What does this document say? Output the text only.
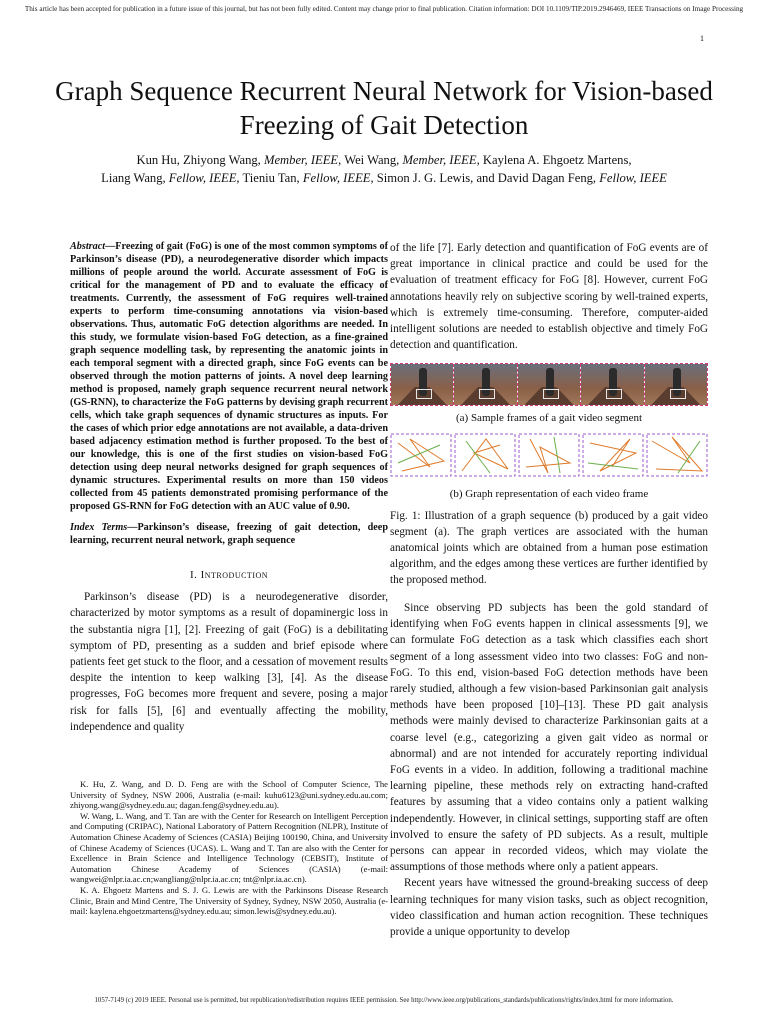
This article has been accepted for publication in a future issue of this journal, but has not been fully edited. Content may change prior to final publication. Citation information: DOI 10.1109/TIP.2019.2946469, IEEE Transactions on Image Processing
1
Graph Sequence Recurrent Neural Network for Vision-based Freezing of Gait Detection
Kun Hu, Zhiyong Wang, Member, IEEE, Wei Wang, Member, IEEE, Kaylena A. Ehgoetz Martens,
Liang Wang, Fellow, IEEE, Tieniu Tan, Fellow, IEEE, Simon J. G. Lewis, and David Dagan Feng, Fellow, IEEE
Abstract—Freezing of gait (FoG) is one of the most common symptoms of Parkinson’s disease (PD), a neurodegenerative disorder which impacts millions of people around the world. Accurate assessment of FoG is critical for the management of PD and to evaluate the efficacy of treatments. Currently, the assessment of FoG requires well-trained experts to perform time-consuming annotations via vision-based observations. Thus, automatic FoG detection algorithms are needed. In this study, we formulate vision-based FoG detection, as a fine-grained graph sequence modelling task, by representing the anatomic joints in each temporal segment with a directed graph, since FoG events can be observed through the motion patterns of joints. A novel deep learning method is proposed, namely graph sequence recurrent neural network (GS-RNN), to characterize the FoG patterns by devising graph recurrent cells, which take graph sequences of dynamic structures as inputs. For the cases of which prior edge annotations are not available, a data-driven based adjacency estimation method is further proposed. To the best of our knowledge, this is one of the first studies on vision-based FoG detection using deep neural networks designed for graph sequences of dynamic structures. Experimental results on more than 150 videos collected from 45 patients demonstrated promising performance of the proposed GS-RNN for FoG detection with an AUC value of 0.90.
Index Terms—Parkinson’s disease, freezing of gait detection, deep learning, recurrent neural network, graph sequence
I. Introduction

Parkinson’s disease (PD) is a neurodegenerative disorder, characterized by motor symptoms as a result of dopaminergic loss in the substantia nigra [1], [2]. Freezing of gait (FoG) is a debilitating symptom of PD, presenting as a sudden and brief episode where patients feet get stuck to the floor, and a cessation of movement results despite the intention to keep walking [3], [4]. As the disease progresses, FoG becomes more frequent and severe, posing a major risk for falls [5], [6] and eventually affecting the mobility, independence and quality

K. Hu, Z. Wang, and D. D. Feng are with the School of Computer Science, The University of Sydney, NSW 2006, Australia (e-mail: kuhu6123@uni.sydney.edu.au.com; zhiyong.wang@sydney.edu.au; dagan.feng@sydney.edu.au).

W. Wang, L. Wang, and T. Tan are with the Center for Research on Intelligent Perception and Computing (CRIPAC), National Laboratory of Pattern Recognition (NLPR), Institute of Automation Chinese Academy of Sciences (CASIA) Beijing 100190, China, and University of Chinese Academy of Sciences (UCAS). L. Wang and T. Tan are also with the Center for Excellence in Brain Science and Intelligence Technology (CEBSIT), Institute of Automation Chinese Academy of Sciences (CASIA) (e-mail: wangwei@nlpr.ia.ac.cn;wangliang@nlpr.ia.ac.cn; tnt@nlpr.ia.ac.cn).

K. A. Ehgoetz Martens and S. J. G. Lewis are with the Parkinsons Disease Research Clinic, Brain and Mind Centre, The University of Sydney, Sydney, NSW 2050, Australia (e-mail: kaylena.ehgoetzmartens@sydney.edu.au; simon.lewis@sydney.edu.au).

of the life [7]. Early detection and quantification of FoG events are of great importance in clinical practice and could be used for the evaluation of treatment efficacy for FoG [8]. However, current FoG annotations heavily rely on subjective scoring by well-trained experts, which is extremely time-consuming. Therefore, computer-aided intelligent solutions are needed to establish objective and timely FoG detection and quantification.

(a) Sample frames of a gait video segment
(b) Graph representation of each video frame
Fig. 1: Illustration of a graph sequence (b) produced by a gait video segment (a). The graph vertices are associated with the human anatomical joints which are obtained from a human pose estimation algorithm, and the edges among these vertices are further identified by the proposed method.

Since observing PD subjects has been the gold standard of identifying when FoG events happen in clinical assessments [9], we can formulate FoG detection as a task which classifies each short segment of a long assessment video into two classes: FoG and non-FoG. To this end, vision-based FoG detection methods have been rarely studied, although a few vision-based Parkinsonian gait analysis methods have been proposed [10]–[13]. These PD gait analysis methods were mainly devised to characterize Parkinsonian gaits at a coarse level (e.g., categorizing a given gait video as normal or abnormal) and are not intended for accurately reporting individual FoG events in a video. In addition, following a traditional machine learning pipeline, these methods rely on extracting hand-crafted features by assuming that a video contains only a patient walking independently. However, in clinical settings, supporting staff are often involved to ensure the safety of PD subjects. As a result, multiple persons can appear in recorded videos, which may violate the assumptions of those methods where only a patient appears.

Recent years have witnessed the ground-breaking success of deep learning techniques for many vision tasks, such as object recognition, video classification and human action recognition. These techniques provide a unique opportunity to develop

1057-7149 (c) 2019 IEEE. Personal use is permitted, but republication/redistribution requires IEEE permission. See http://www.ieee.org/publications_standards/publications/rights/index.html for more information.
